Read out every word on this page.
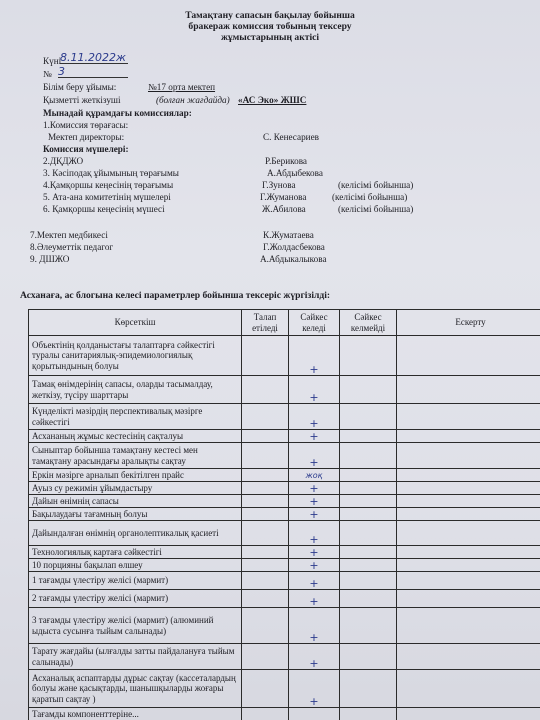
Тамақтану сапасын бақылау бойынша
бракераж комиссия тобының тексеру
жұмыстарының актісі
Күні
8.11.2022ж
№ 3
Білім беру ұйымы:	№17 орта мектеп
Қызметті жеткізуші	(болған жағдайда) «АС Эко» ЖШС
Мынадай құрамдағы комиссиялар:
1.Комиссия төрағасы:
Мектеп директоры:	С. Кенесариев
Комиссия мүшелері:
2.ДҚДЖО	Р.Берикова
3. Кәсіподақ ұйымының төрағымы	А.Абдыбекова
4.Қамқоршы кеңесінің төрағымы	Г.Зунова	(келісімі бойынша)
5. Ата-ана комитетінің мүшелері	Г.Жуманова	(келісімі бойынша)
6. Қамқоршы кеңесінің мүшесі	Ж.Абилова	(келісімі бойынша)
7.Мектеп медбикесі	К.Жуматаева
8.Әлеуметтік педагог	Г.Жолдасбекова
9. ДШЖО	А.Абдыкалыкова
Асханаға, ас блогына келесі параметрлер бойынша тексеріс жүргізілді:
Көрсеткіш	Талап етіледі	Сәйкес келеді	Сәйкес келмейді	Ескерту
Объектінің қолданыстағы талаптарға сәйкестігі туралы санитариялық-эпидемиологиялық қорытындының болуы		+		
Тамақ өнімдерінің сапасы, оларды тасымалдау, жеткізу, түсіру шарттары		+		
Күнделікті мәзірдің перспективалық мәзірге сәйкестігі		+		
Асхананың жұмыс кестесінің сақталуы		+		
Сыныптар бойынша тамақтану кестесі мен тамақтану арасындағы аралықты сақтау		+		
Еркін мәзірге арналып бекітілген прайс		жоқ		
Ауыз су режимін ұйымдастыру		+		
Дайын өнімнің сапасы		+		
Бақылаудағы тағамның болуы		+		
Дайындалған өнімнің органолептикалық қасиеті		+		
Технологиялық картаға сәйкестігі		+		
10 порцияны бақылап өлшеу		+		
1 тағамды үлестіру желісі (мармит)		+		
2 тағамды үлестіру желісі (мармит)		+		
3 тағамды үлестіру желісі (мармит) (алюминий ыдыста сусынға тыйым салынады)		+		
Тарату жағдайы (ылғалды затты пайдалануға тыйым салынады)		+		
Асханалық аспаптарды дұрыс сақтау (кассеталардың болуы және қасықтарды, шанышқыларды жоғары қаратып сақтау )		+		
Тағамды компоненттеріне...				
